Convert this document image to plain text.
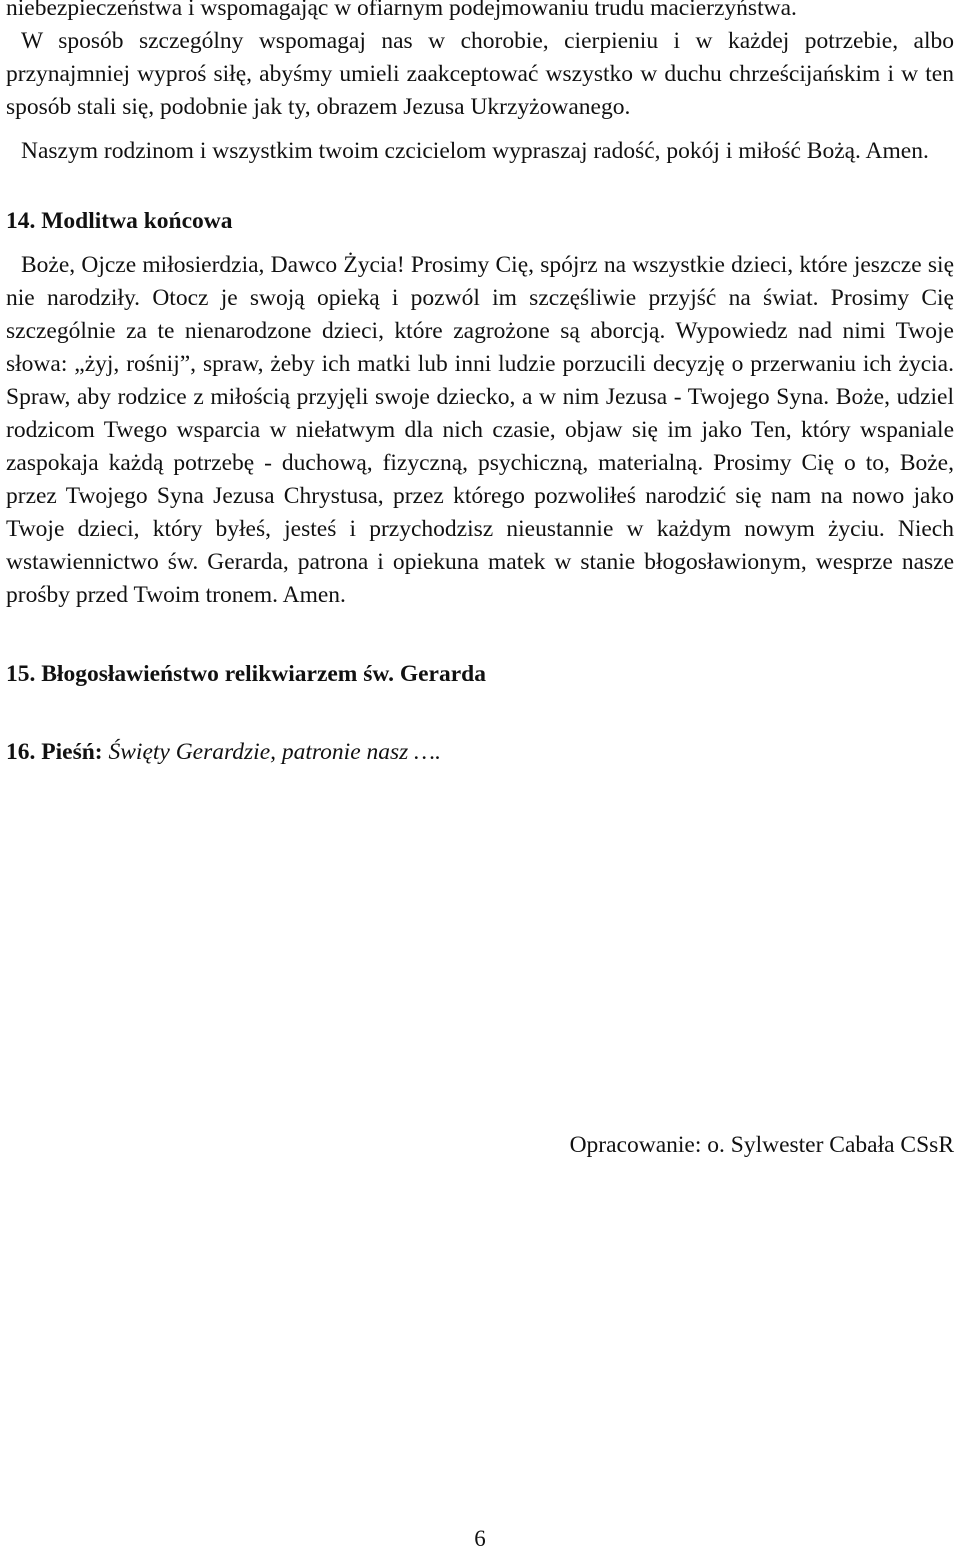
niebezpieczeństwa i wspomagając w ofiarnym podejmowaniu trudu macierzyństwa.

W sposób szczególny wspomagaj nas w chorobie, cierpieniu i w każdej potrzebie, albo przynajmniej wyproś siłę, abyśmy umieli zaakceptować wszystko w duchu chrześcijańskim i w ten sposób stali się, podobnie jak ty, obrazem Jezusa Ukrzyżowanego.

Naszym rodzinom i wszystkim twoim czcicielom wypraszaj radość, pokój i miłość Bożą. Amen.

14. Modlitwa końcowa

Boże, Ojcze miłosierdzia, Dawco Życia! Prosimy Cię, spójrz na wszystkie dzieci, które jeszcze się nie narodziły. Otocz je swoją opieką i pozwól im szczęśliwie przyjść na świat. Prosimy Cię szczególnie za te nienarodzone dzieci, które zagrożone są aborcją. Wypowiedz nad nimi Twoje słowa: „żyj, rośnij”, spraw, żeby ich matki lub inni ludzie porzucili decyzję o przerwaniu ich życia. Spraw, aby rodzice z miłością przyjęli swoje dziecko, a w nim Jezusa - Twojego Syna. Boże, udziel rodzicom Twego wsparcia w niełatwym dla nich czasie, objaw się im jako Ten, który wspaniale zaspokaja każdą potrzebę - duchową, fizyczną, psychiczną, materialną. Prosimy Cię o to, Boże, przez Twojego Syna Jezusa Chrystusa, przez którego pozwoliłeś narodzić się nam na nowo jako Twoje dzieci, który byłeś, jesteś i przychodzisz nieustannie w każdym nowym życiu. Niech wstawiennictwo św. Gerarda, patrona i opiekuna matek w stanie błogosławionym, wesprze nasze prośby przed Twoim tronem. Amen.

15. Błogosławieństwo relikwiarzem św. Gerarda
16. Pieśń: Święty Gerardzie, patronie nasz ….

Opracowanie: o. Sylwester Cabała CSsR

6
